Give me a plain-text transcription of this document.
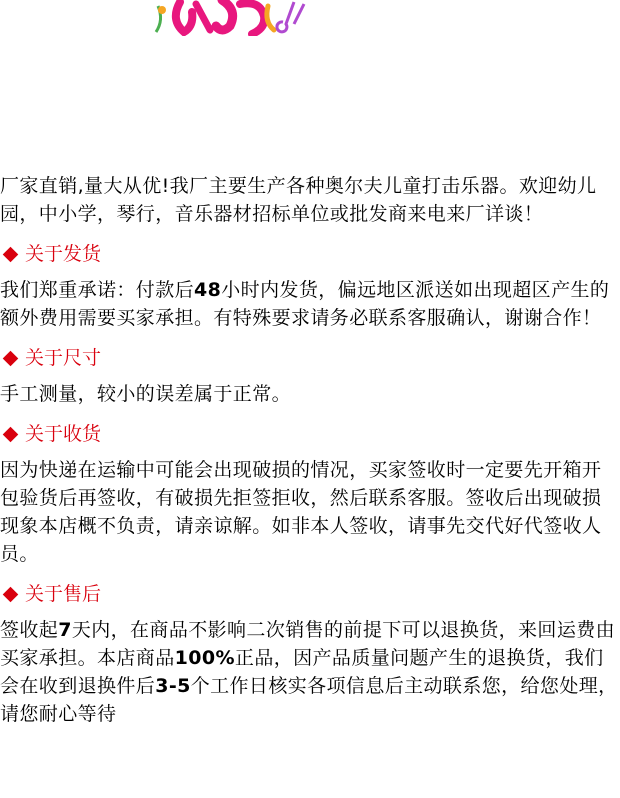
厂家直销,量大从优!我厂主要生产各种奥尔夫儿童打击乐器。欢迎幼儿园，中小学，琴行，音乐器材招标单位或批发商来电来厂详谈！

关于发货

我们郑重承诺：付款后48小时内发货，偏远地区派送如出现超区产生的额外费用需要买家承担。有特殊要求请务必联系客服确认，谢谢合作！

关于尺寸

手工测量，较小的误差属于正常。

关于收货

因为快递在运输中可能会出现破损的情况，买家签收时一定要先开箱开包验货后再签收，有破损先拒签拒收，然后联系客服。签收后出现破损现象本店概不负责，请亲谅解。如非本人签收，请事先交代好代签收人员。

关于售后

签收起7天内，在商品不影响二次销售的前提下可以退换货，来回运费由买家承担。本店商品100%正品，因产品质量问题产生的退换货，我们会在收到退换件后3-5个工作日核实各项信息后主动联系您，给您处理，请您耐心等待
